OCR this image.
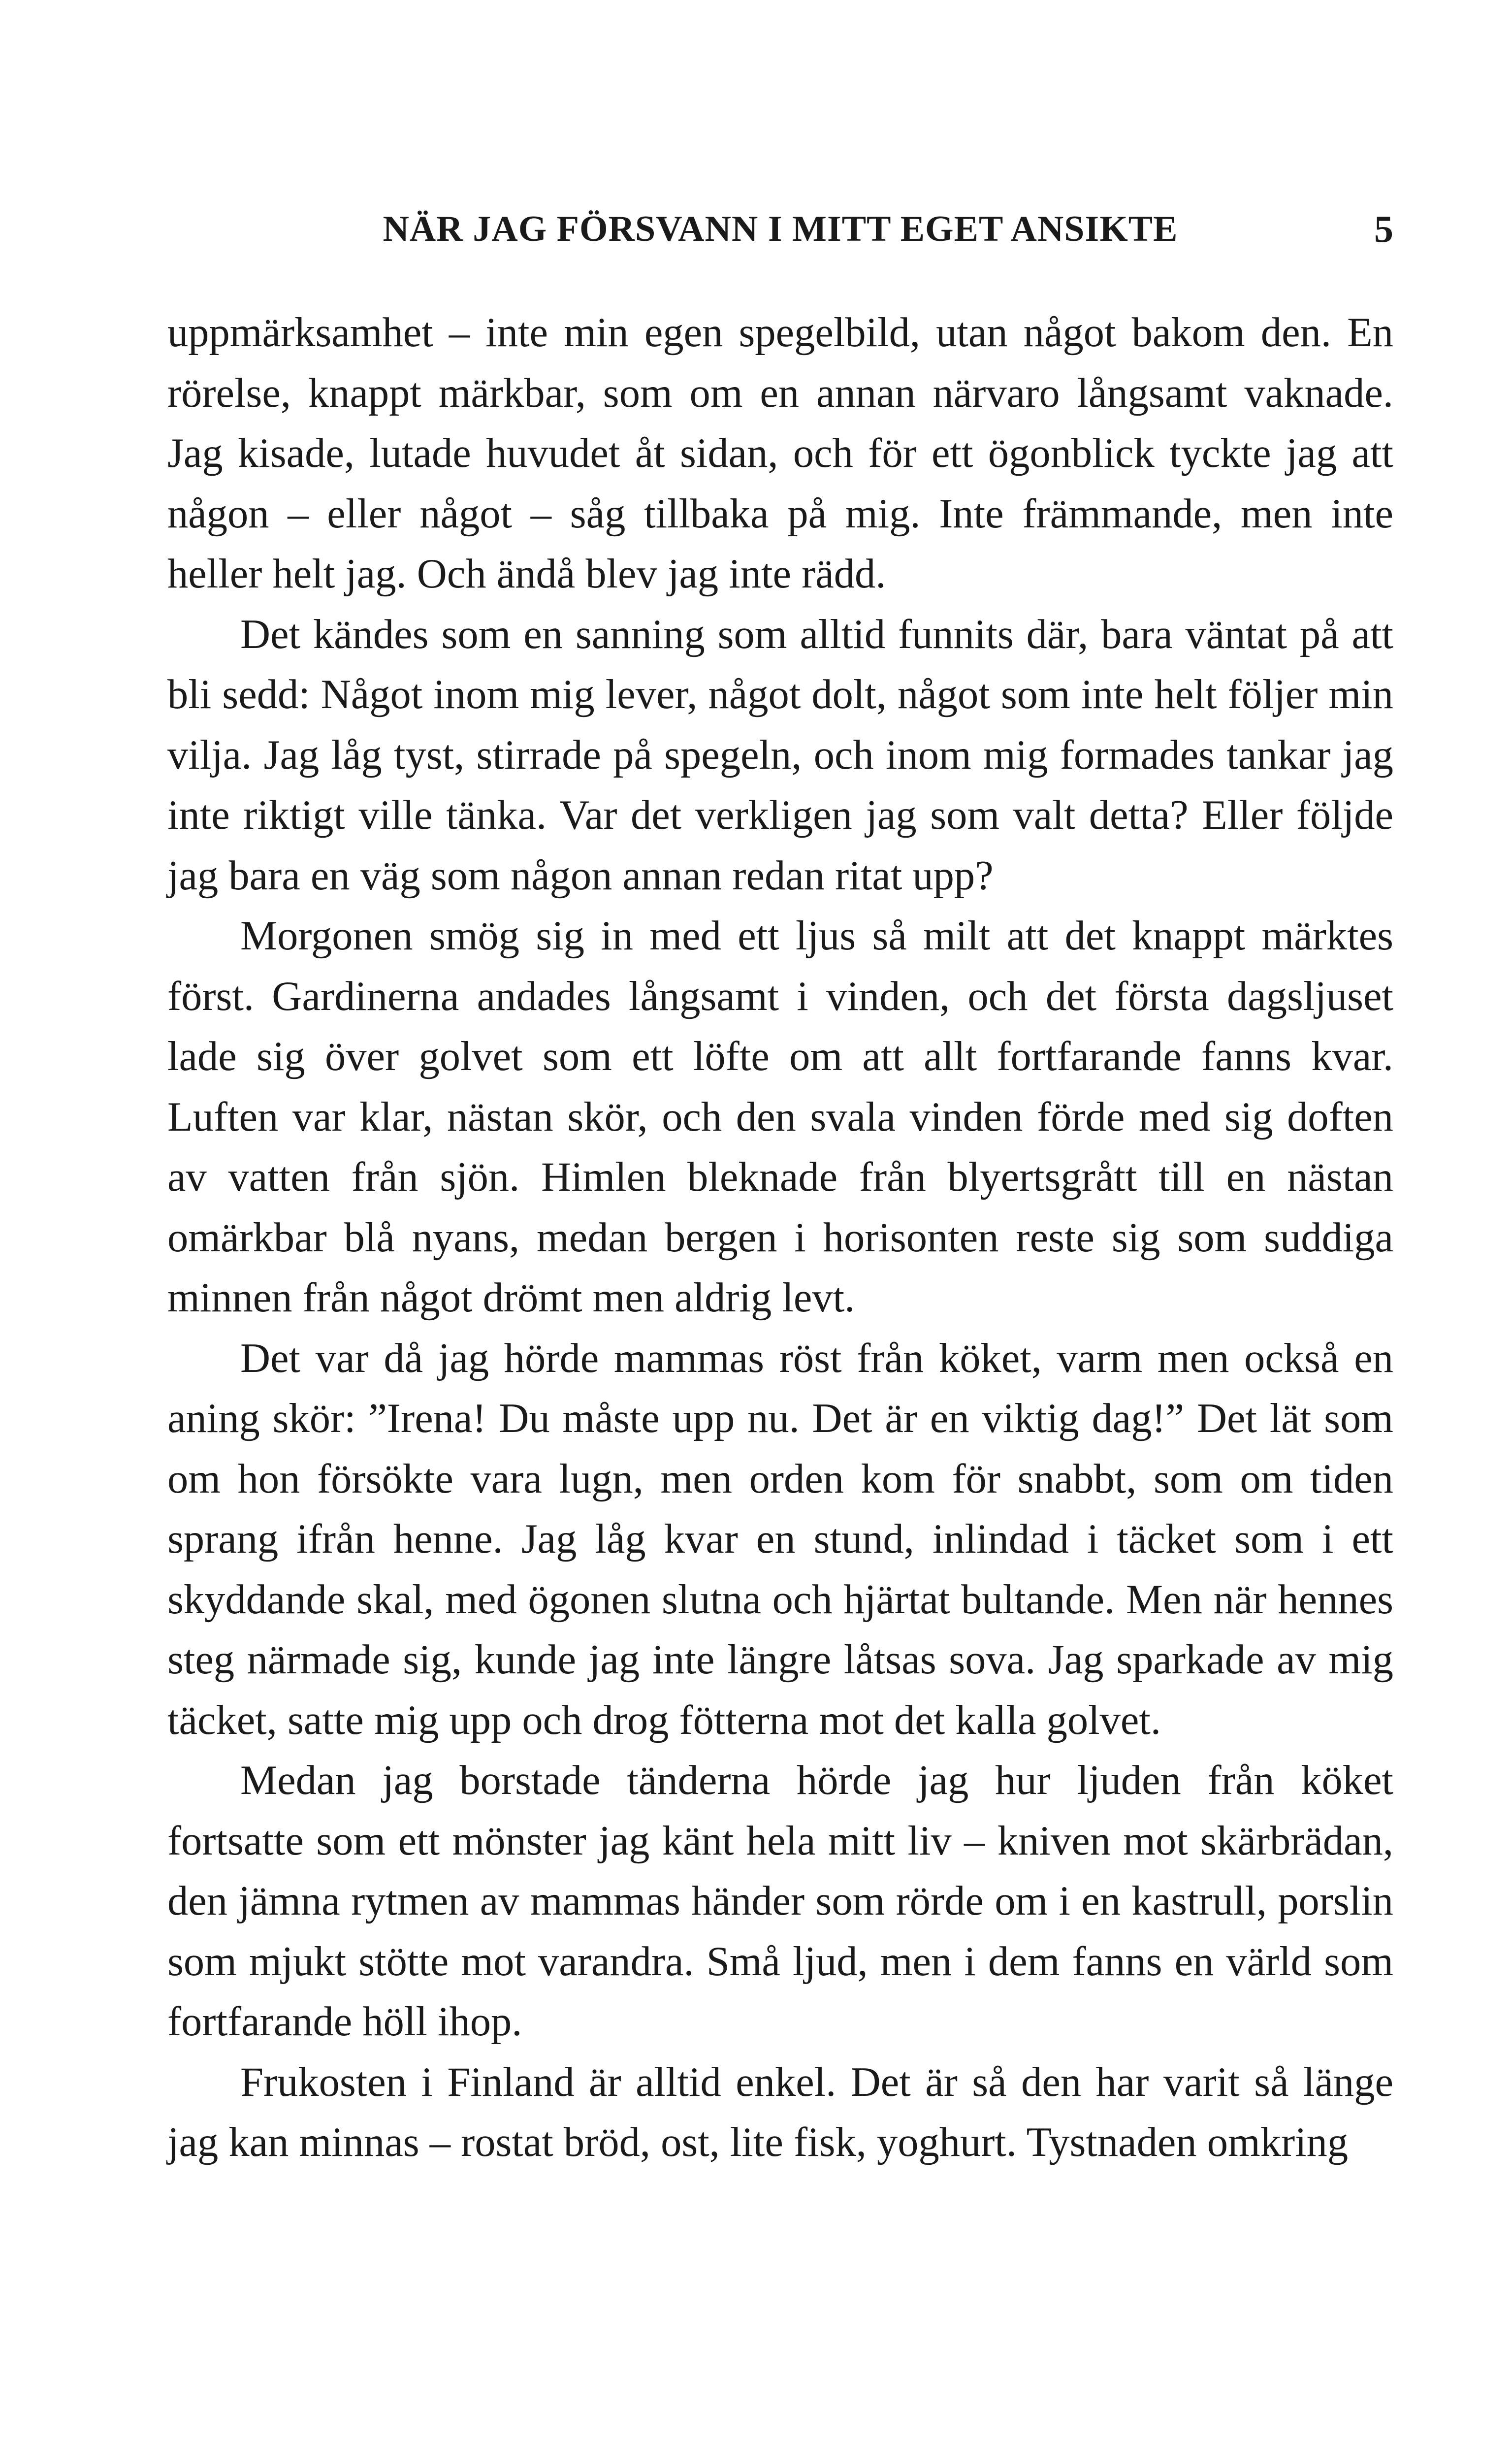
NÄR JAG FÖRSVANN I MITT EGET ANSIKTE	5

uppmärksamhet – inte min egen spegelbild, utan något bakom den. En rörelse, knappt märkbar, som om en annan närvaro långsamt vaknade. Jag kisade, lutade huvudet åt sidan, och för ett ögonblick tyckte jag att någon – eller något – såg tillbaka på mig. Inte främmande, men inte heller helt jag. Och ändå blev jag inte rädd.

Det kändes som en sanning som alltid funnits där, bara väntat på att bli sedd: Något inom mig lever, något dolt, något som inte helt följer min vilja. Jag låg tyst, stirrade på spegeln, och inom mig formades tankar jag inte riktigt ville tänka. Var det verkligen jag som valt detta? Eller följde jag bara en väg som någon annan redan ritat upp?

Morgonen smög sig in med ett ljus så milt att det knappt märktes först. Gardinerna andades långsamt i vinden, och det första dagsljuset lade sig över golvet som ett löfte om att allt fortfarande fanns kvar. Luften var klar, nästan skör, och den svala vinden förde med sig doften av vatten från sjön. Himlen bleknade från blyertsgrått till en nästan omärkbar blå nyans, medan bergen i horisonten reste sig som suddiga minnen från något drömt men aldrig levt.

Det var då jag hörde mammas röst från köket, varm men också en aning skör: ”Irena! Du måste upp nu. Det är en viktig dag!” Det lät som om hon försökte vara lugn, men orden kom för snabbt, som om tiden sprang ifrån henne. Jag låg kvar en stund, inlindad i täcket som i ett skyddande skal, med ögonen slutna och hjärtat bultande. Men när hennes steg närmade sig, kunde jag inte längre låtsas sova. Jag sparkade av mig täcket, satte mig upp och drog fötterna mot det kalla golvet.

Medan jag borstade tänderna hörde jag hur ljuden från köket fortsatte som ett mönster jag känt hela mitt liv – kniven mot skärbrädan, den jämna rytmen av mammas händer som rörde om i en kastrull, porslin som mjukt stötte mot varandra. Små ljud, men i dem fanns en värld som fortfarande höll ihop.

Frukosten i Finland är alltid enkel. Det är så den har varit så länge jag kan minnas – rostat bröd, ost, lite fisk, yoghurt. Tystnaden omkring
